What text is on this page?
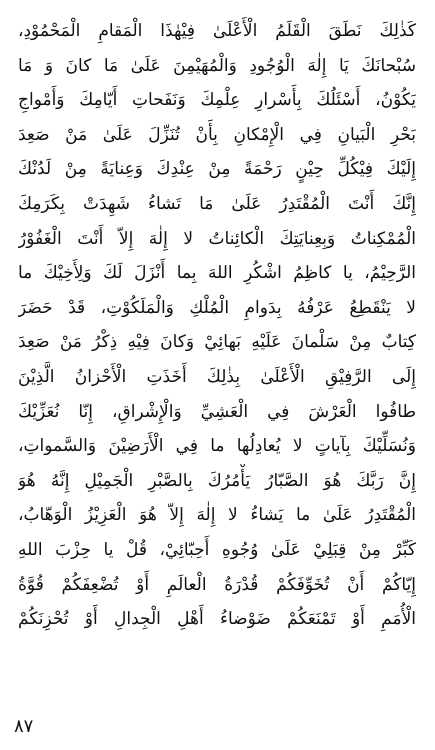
كَذٰلِكَ نَطَقَ الْقَلَمُ الْأَعْلَىٰ فِيْهٰذَا الْمَقامِ الْمَحْمُوْدِ،
سُبْحانَكَ يَا إِلٰهَ الْوُجُودِ وَالْمُهَيْمِنَ عَلَىٰ مَا كانَ وَ مَا
يَكُوْنُ، أَسْئَلُكَ بِأَسْرارِ عِلْمِكَ وَنَفَحاتِ أَيّامِكَ وَأَمْواجِ
بَحْرِ الْبَيانِ فِي الْإِمْكانِ بِأَنْ تُنَزِّلَ عَلَىٰ مَنْ صَعِدَ
إِلَيْكَ فِيْكُلِّ حِيْنٍ رَحْمَةً مِنْ عِنْدِكَ وَعِنايَةً مِنْ لَدُنْكَ
إِنَّكَ أَنْتَ الْمُقْتَدِرُ عَلَىٰ مَا تَشاءُ شَهِدَتْ بِكَرَمِكَ
الْمُمْكِناتُ وَبِعِنايَتِكَ الْكائِناتُ لا إِلٰهَ إِلاّ أَنْتَ الْغَفُوْرُ
الرَّحِيْمُ، يا كاظِمُ اشْكُرِ اللهَ بِما أَنْزَلَ لَكَ وَلِأَخِيْكَ ما
لا يَنْقَطِعُ عَرْفُهُ بِدَوامِ الْمُلْكِ وَالْمَلَكُوْتِ، قَدْ حَضَرَ
كِتابٌ مِنْ سَلْمانَ عَلَيْهِ بَهائِيْ وَكانَ فِيْهِ ذِكْرُ مَنْ صَعِدَ
إِلَى الرَّفِيْقِ الْأَعْلَىٰ بِذٰلِكَ أَخَذَتِ الْأَحْزانُ الَّذِيْنَ
طافُوا الْعَرْشَ فِي الْعَشِيِّ وَالْإِشْراقِ، إِنّا نُعَزِّيْكَ
وَنُسَلِّيْكَ بِآياتٍ لا يُعادِلُها ما فِي الْأَرَضِيْنَ وَالسَّمواتِ،
إِنَّ رَبَّكَ هُوَ الصَّبّارُ يَأْمُرُكَ بِالصَّبْرِ الْجَمِيْلِ إِنَّهُ هُوَ
الْمُقْتَدِرُ عَلَىٰ ما يَشاءُ لا إِلٰهَ إِلاّ هُوَ الْعَزِيْزُ الْوَهّابُ،
كَبِّرْ مِنْ قِبَلِيْ عَلَىٰ وُجُوهِ أَحِبّائِيْ، قُلْ يا حِزْبَ اللهِ
إِيّاكُمْ أَنْ تُخَوِّفَكُمْ قُدْرَةُ الْعالَمِ أَوْ تُضْعِفَكُمْ قُوَّةُ
الْأُمَمِ أَوْ تَمْنَعَكُمْ ضَوْضاءُ أَهْلِ الْجِدالِ أَوْ تُحْزِنَكُمْ
٨٧
